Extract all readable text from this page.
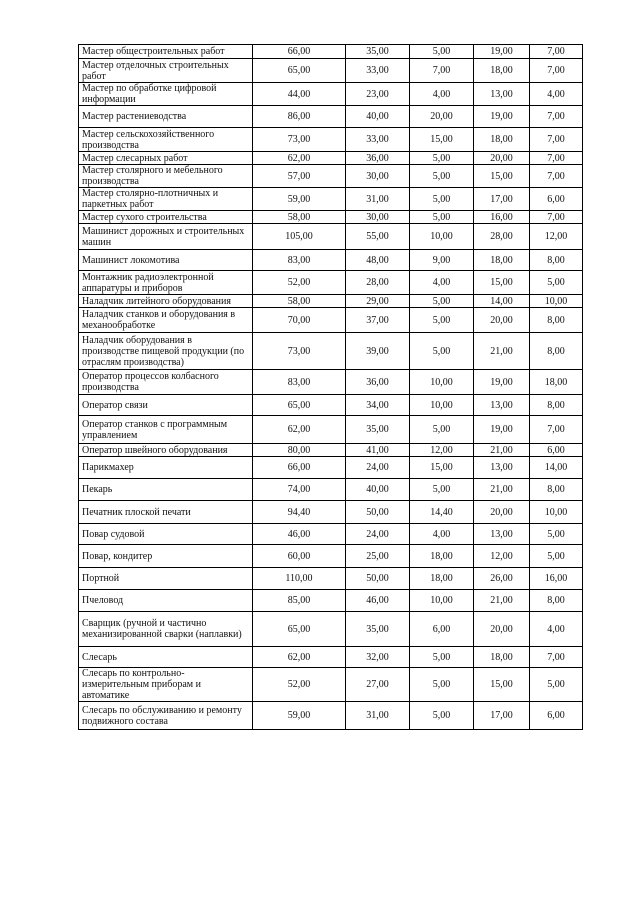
Мастер общестроительных работ	66,00	35,00	5,00	19,00	7,00
Мастер отделочных строительных работ	65,00	33,00	7,00	18,00	7,00
Мастер по обработке цифровой информации	44,00	23,00	4,00	13,00	4,00
Мастер растениеводства	86,00	40,00	20,00	19,00	7,00
Мастер сельскохозяйственного производства	73,00	33,00	15,00	18,00	7,00
Мастер слесарных работ	62,00	36,00	5,00	20,00	7,00
Мастер столярного и мебельного производства	57,00	30,00	5,00	15,00	7,00
Мастер столярно-плотничных и паркетных работ	59,00	31,00	5,00	17,00	6,00
Мастер сухого строительства	58,00	30,00	5,00	16,00	7,00
Машинист дорожных и строительных машин	105,00	55,00	10,00	28,00	12,00
Машинист локомотива	83,00	48,00	9,00	18,00	8,00
Монтажник радиоэлектронной аппаратуры и приборов	52,00	28,00	4,00	15,00	5,00
Наладчик литейного оборудования	58,00	29,00	5,00	14,00	10,00
Наладчик станков и оборудования в механообработке	70,00	37,00	5,00	20,00	8,00
Наладчик оборудования в производстве пищевой продукции (по отраслям производства)	73,00	39,00	5,00	21,00	8,00
Оператор процессов колбасного производства	83,00	36,00	10,00	19,00	18,00
Оператор связи	65,00	34,00	10,00	13,00	8,00
Оператор станков с программным управлением	62,00	35,00	5,00	19,00	7,00
Оператор швейного оборудования	80,00	41,00	12,00	21,00	6,00
Парикмахер	66,00	24,00	15,00	13,00	14,00
Пекарь	74,00	40,00	5,00	21,00	8,00
Печатник плоской печати	94,40	50,00	14,40	20,00	10,00
Повар судовой	46,00	24,00	4,00	13,00	5,00
Повар, кондитер	60,00	25,00	18,00	12,00	5,00
Портной	110,00	50,00	18,00	26,00	16,00
Пчеловод	85,00	46,00	10,00	21,00	8,00
Сварщик (ручной и частично механизированной сварки (наплавки)	65,00	35,00	6,00	20,00	4,00
Слесарь	62,00	32,00	5,00	18,00	7,00
Слесарь по контрольно-измерительным приборам и автоматике	52,00	27,00	5,00	15,00	5,00
Слесарь по обслуживанию и ремонту подвижного состава	59,00	31,00	5,00	17,00	6,00
